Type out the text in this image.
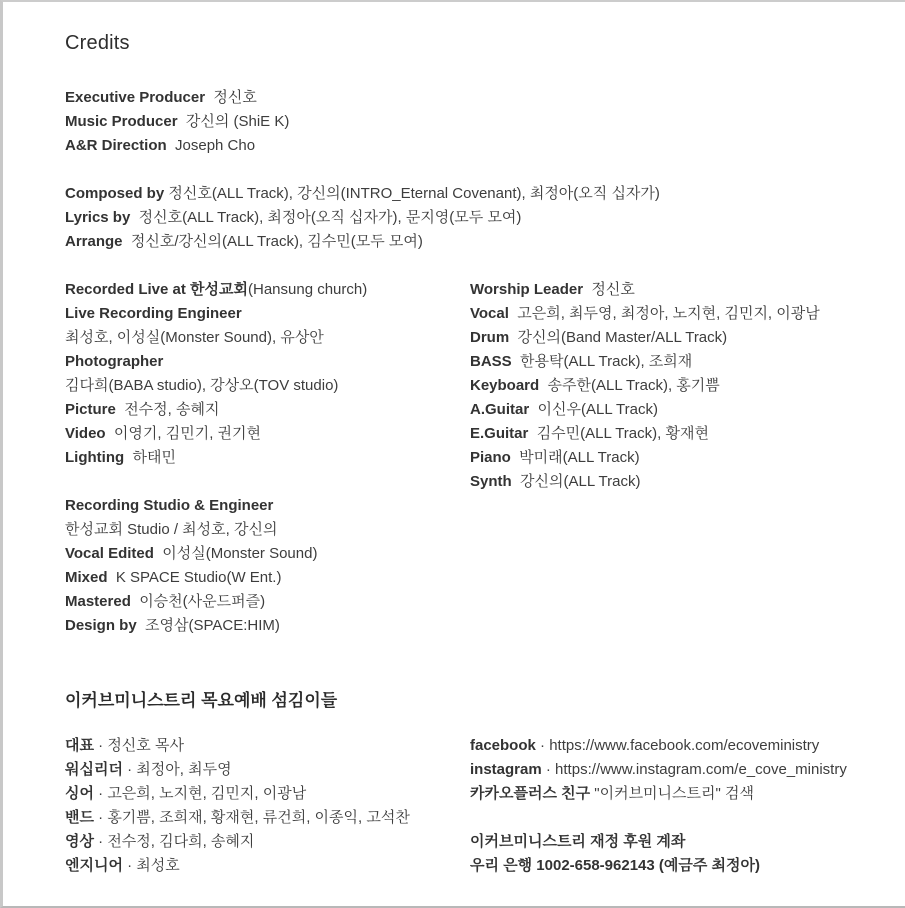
Credits
Executive Producer  정신호
Music Producer  강신의 (ShiE K)
A&R Direction  Joseph Cho
Composed by 정신호(ALL Track), 강신의(INTRO_Eternal Covenant), 최정아(오직 십자가)
Lyrics by  정신호(ALL Track), 최정아(오직 십자가), 문지영(모두 모여)
Arrange  정신호/강신의(ALL Track), 김수민(모두 모여)
Recorded Live at 한성교회(Hansung church)
Live Recording Engineer
최성호, 이성실(Monster Sound), 유상안
Photographer
김다희(BABA studio), 강상오(TOV studio)
Picture  전수정, 송혜지
Video  이영기, 김민기, 권기현
Lighting  하태민
Worship Leader  정신호
Vocal  고은희, 최두영, 최정아, 노지현, 김민지, 이광남
Drum  강신의(Band Master/ALL Track)
BASS  한용탁(ALL Track), 조희재
Keyboard  송주한(ALL Track), 홍기쁨
A.Guitar  이신우(ALL Track)
E.Guitar  김수민(ALL Track), 황재현
Piano  박미래(ALL Track)
Synth  강신의(ALL Track)
Recording Studio & Engineer
한성교회 Studio / 최성호, 강신의
Vocal Edited  이성실(Monster Sound)
Mixed  K SPACE Studio(W Ent.)
Mastered  이승천(사운드퍼즐)
Design by  조영삼(SPACE:HIM)
이커브미니스트리 목요예배 섬김이들
대표 · 정신호 목사
워십리더 · 최정아, 최두영
싱어 · 고은희, 노지현, 김민지, 이광남
밴드 · 홍기쁨, 조희재, 황재현, 류건희, 이종익, 고석찬
영상 · 전수정, 김다희, 송혜지
엔지니어 · 최성호
facebook · https://www.facebook.com/ecoveministry
instagram · https://www.instagram.com/e_cove_ministry
카카오플러스 친구 "이커브미니스트리" 검색
이커브미니스트리 재정 후원 계좌
우리 은행 1002-658-962143 (예금주 최정아)
